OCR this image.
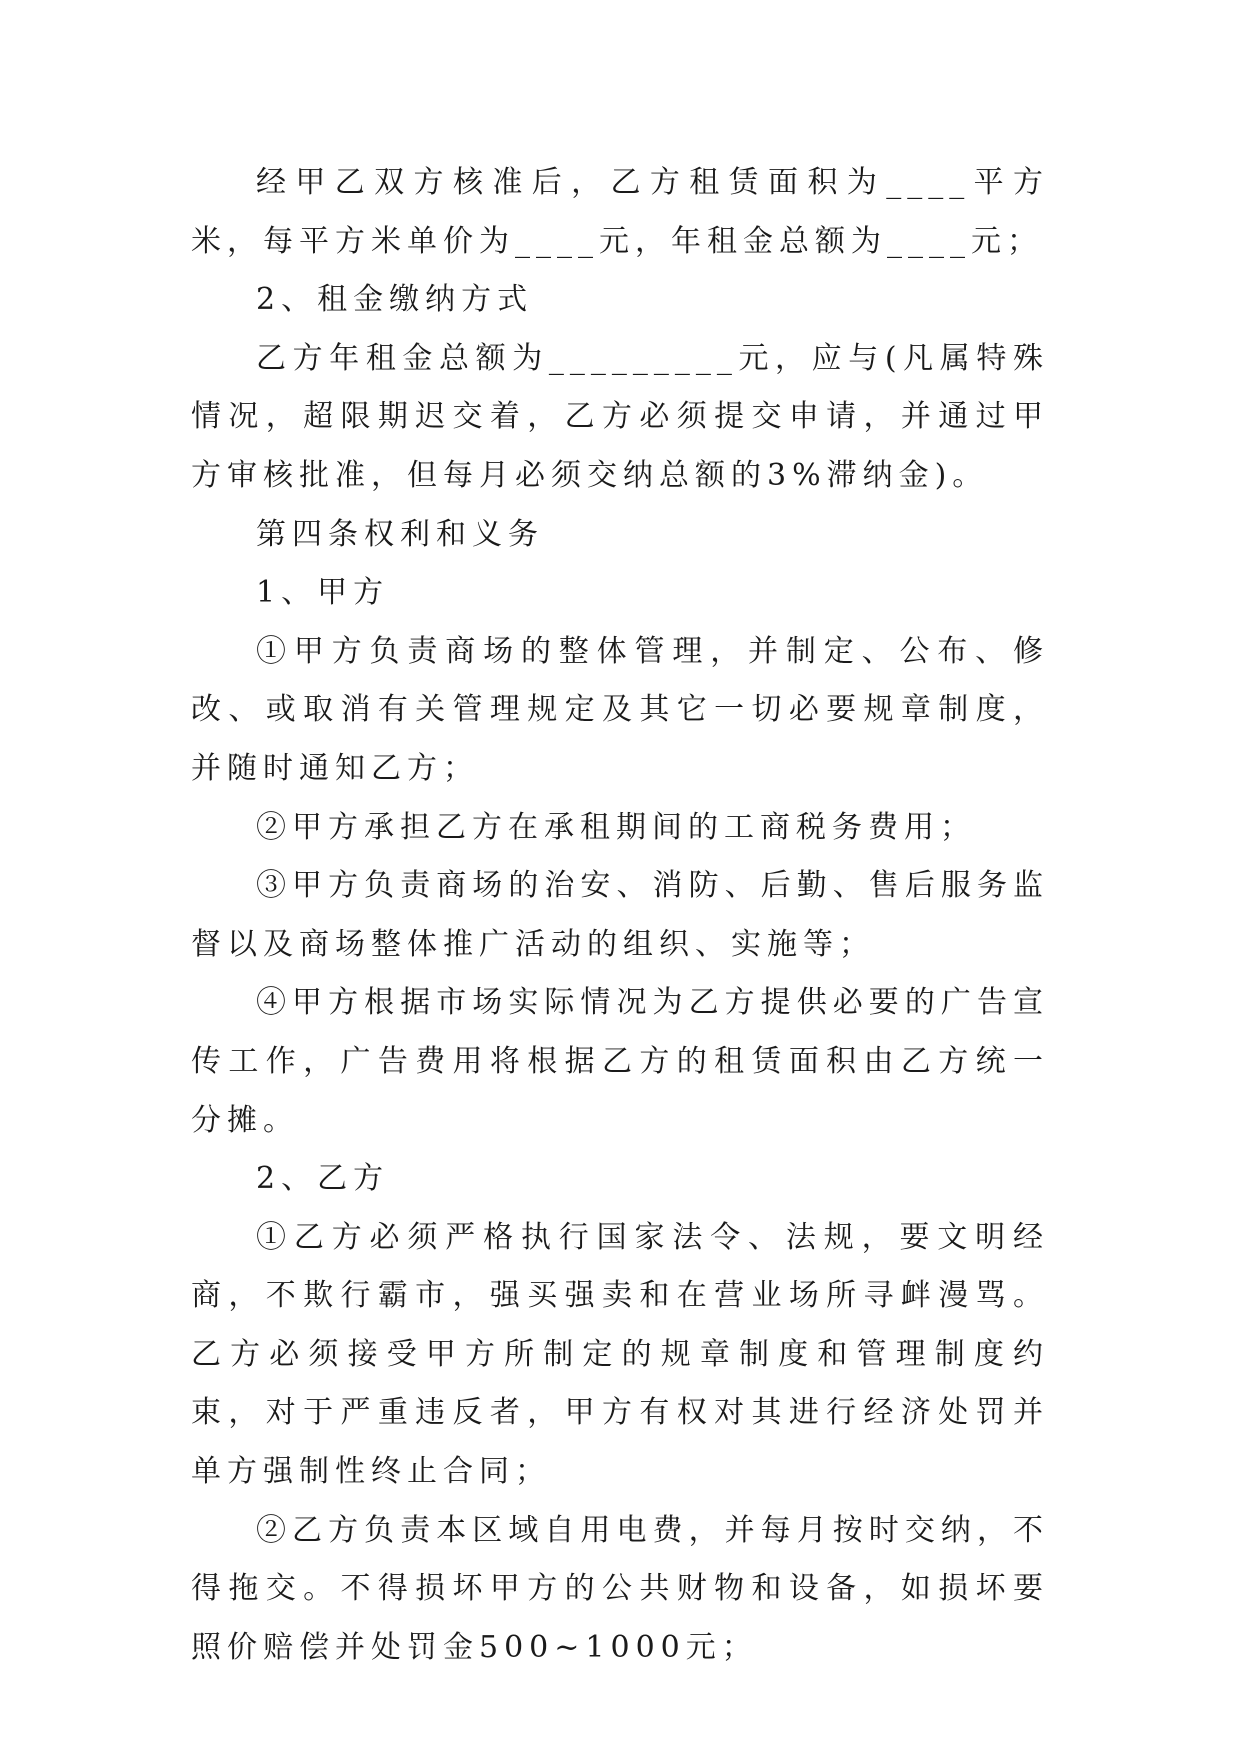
经甲乙双方核准后，乙方租赁面积为____平方米，每平方米单价为____元，年租金总额为____元；

2、租金缴纳方式

乙方年租金总额为_________元，应与(凡属特殊情况，超限期迟交着，乙方必须提交申请，并通过甲方审核批准，但每月必须交纳总额的3%滞纳金)。

第四条权利和义务

1、甲方

①甲方负责商场的整体管理，并制定、公布、修改、或取消有关管理规定及其它一切必要规章制度，并随时通知乙方；

②甲方承担乙方在承租期间的工商税务费用；

③甲方负责商场的治安、消防、后勤、售后服务监督以及商场整体推广活动的组织、实施等；

④甲方根据市场实际情况为乙方提供必要的广告宣传工作，广告费用将根据乙方的租赁面积由乙方统一分摊。

2、乙方

①乙方必须严格执行国家法令、法规，要文明经商，不欺行霸市，强买强卖和在营业场所寻衅漫骂。乙方必须接受甲方所制定的规章制度和管理制度约束，对于严重违反者，甲方有权对其进行经济处罚并单方强制性终止合同；

②乙方负责本区域自用电费，并每月按时交纳，不得拖交。不得损坏甲方的公共财物和设备，如损坏要照价赔偿并处罚金500~1000元；
